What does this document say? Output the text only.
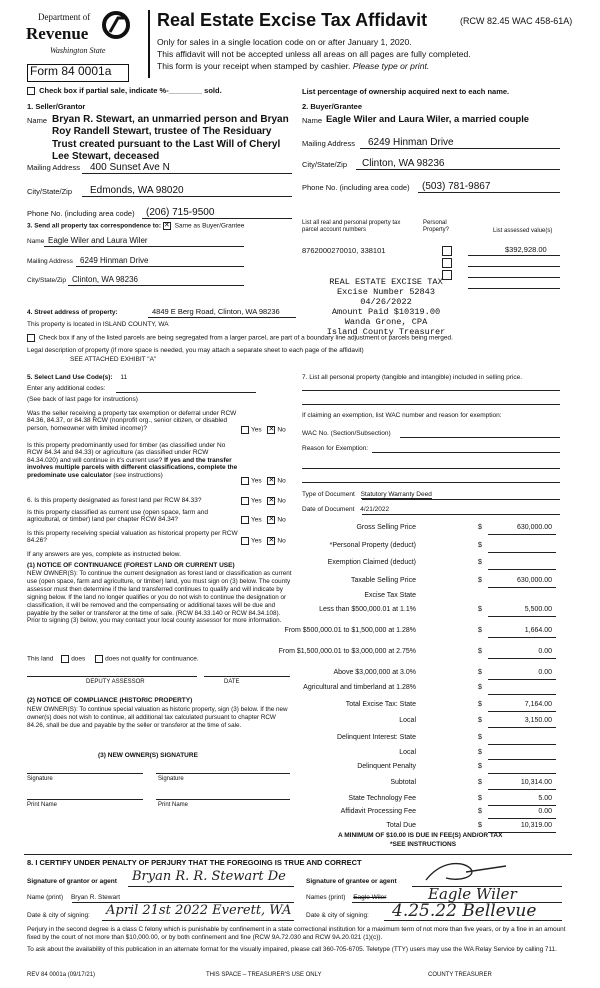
Department of
Revenue
Washington State
Real Estate Excise Tax Affidavit	(RCW 82.45 WAC 458-61A)
Only for sales in a single location code on or after January 1, 2020.
This affidavit will not be accepted unless all areas on all pages are fully completed.
This form is your receipt when stamped by cashier. Please type or print.
Form 84 0001a
Check box if partial sale, indicate %-________ sold.	List percentage of ownership acquired next to each name.
1. Seller/Grantor
Name Bryan R. Stewart, an unmarried person and Bryan Roy Randell Stewart, trustee of The Residuary Trust created pursuant to the Last Will of Cheryl Lee Stewart, deceased
Mailing Address 400 Sunset Ave N
City/State/Zip Edmonds, WA 98020
Phone No. (including area code) (206) 715-9500
2. Buyer/Grantee
Name Eagle Wiler and Laura Wiler, a married couple
Mailing Address 6249 Hinman Drive
City/State/Zip Clinton, WA 98236
Phone No. (including area code) (503) 781-9867
3. Send all property tax correspondence to: ✕ Same as Buyer/Grantee
Name Eagle Wiler and Laura Wiler
Mailing Address 6249 Hinman Drive
City/State/Zip Clinton, WA 98236
List all real and personal property tax parcel account numbers
Personal Property?	List assessed value(s)
8762000270010, 338101	$392,928.00
REAL ESTATE EXCISE TAX
Excise Number 52843
04/26/2022
Amount Paid $10319.00
Wanda Grone, CPA
Island County Treasurer
4. Street address of property:	4849 E Berg Road, Clinton, WA 98236
This property is located in ISLAND COUNTY, WA
Check box if any of the listed parcels are being segregated from a larger parcel, are part of a boundary line adjustment or parcels being merged.
Legal description of property (if more space is needed, you may attach a separate sheet to each page of the affidavit)
SEE ATTACHED EXHIBIT "A"
5. Select Land Use Code(s): 11
Enter any additional codes:
(See back of last page for instructions)
Was the seller receiving a property tax exemption or deferral under RCW 84.36, 84.37, or 84.38 RCW (nonprofit org., senior citizen, or disabled person, homeowner with limited income)?	Yes ✕ No
Is this property predominantly used for timber (as classified under No RCW 84.34 and 84.33) or agriculture (as classified under RCW 84.34.020) and will continue in it's current use? If yes and the transfer involves multiple parcels with different classifications, complete the predominate use calculator (see instructions)
Yes ✕ No
6. Is this property designated as forest land per RCW 84.33?	Yes ✕ No
Is this property classified as current use (open space, farm and agricultural, or timber) land per chapter RCW 84.34?	Yes ✕ No
Is this property receiving special valuation as historical property per RCW 84.26?	Yes ✕ No
If any answers are yes, complete as instructed below.
(1) NOTICE OF CONTINUANCE (FOREST LAND OR CURRENT USE)
NEW OWNER(S): To continue the current designation as forest land or classification as current use (open space, farm and agriculture, or timber) land, you must sign on (3) below. The county assessor must then determine if the land transferred continues to qualify and will indicate by signing below. If the land no longer qualifies or you do not wish to continue the designation or classification, it will be removed and the compensating or additional taxes will be due and payable by the seller or transferor at the time of sale. (RCW 84.33.140 or RCW 84.34.108). Prior to signing (3) below, you may contact your local county assessor for more information.
This land	does	does not qualify for continuance.
DEPUTY ASSESSOR	DATE
(2) NOTICE OF COMPLIANCE (HISTORIC PROPERTY)
NEW OWNER(S): To continue special valuation as historic property, sign (3) below. If the new owner(s) does not wish to continue, all additional tax calculated pursuant to chapter RCW 84.26, shall be due and payable by the seller or transferor at the time of sale.
(3) NEW OWNER(S) SIGNATURE
Signature	Signature
Print Name	Print Name
7. List all personal property (tangible and intangible) included in selling price.
If claiming an exemption, list WAC number and reason for exemption:
WAC No. (Section/Subsection)
Reason for Exemption:
Type of Document Statutory Warranty Deed
Date of Document 4/21/2022
Gross Selling Price	$	630,000.00
*Personal Property (deduct)	$
Exemption Claimed (deduct)	$
Taxable Selling Price	$	630,000.00
Excise Tax State
Less than $500,000.01 at 1.1%	$	5,500.00
From $500,000.01 to $1,500,000 at 1.28%	$	1,664.00
From $1,500,000.01 to $3,000,000 at 2.75%	$	0.00
Above $3,000,000 at 3.0%	$	0.00
Agricultural and timberland at 1.28%	$
Total Excise Tax: State	$	7,164.00
Local	$	3,150.00
Delinquent Interest: State	$
Local	$
Delinquent Penalty	$
Subtotal	$	10,314.00
State Technology Fee	$	5.00
Affidavit Processing Fee	$	0.00
Total Due	$	10,319.00
A MINIMUM OF $10.00 IS DUE IN FEE(S) AND/OR TAX
*SEE INSTRUCTIONS
8. I CERTIFY UNDER PENALTY OF PERJURY THAT THE FOREGOING IS TRUE AND CORRECT
Signature of grantor or agent Bryan R. R. Stewart De	Signature of grantee or agent
Name (print) Bryan R. Stewart	Names (print) Eagle Wiler	Eagle Wiler
Date & city of signing: April 21st 2022 Everett, WA Date & city of signing: 4.25.22 Bellevue
Perjury in the second degree is a class C felony which is punishable by confinement in a state correctional institution for a maximum term of not more than five years, or by a fine in an amount fixed by the court of not more than $10,000.00, or by both confinement and fine (RCW 9A.72.030 and RCW 9A.20.021 (1)(c)).
To ask about the availability of this publication in an alternate format for the visually impaired, please call 360-705-6705. Teletype (TTY) users may use the WA Relay Service by calling 711.
REV 84 0001a (09/17/21)	THIS SPACE – TREASURER'S USE ONLY	COUNTY TREASURER
